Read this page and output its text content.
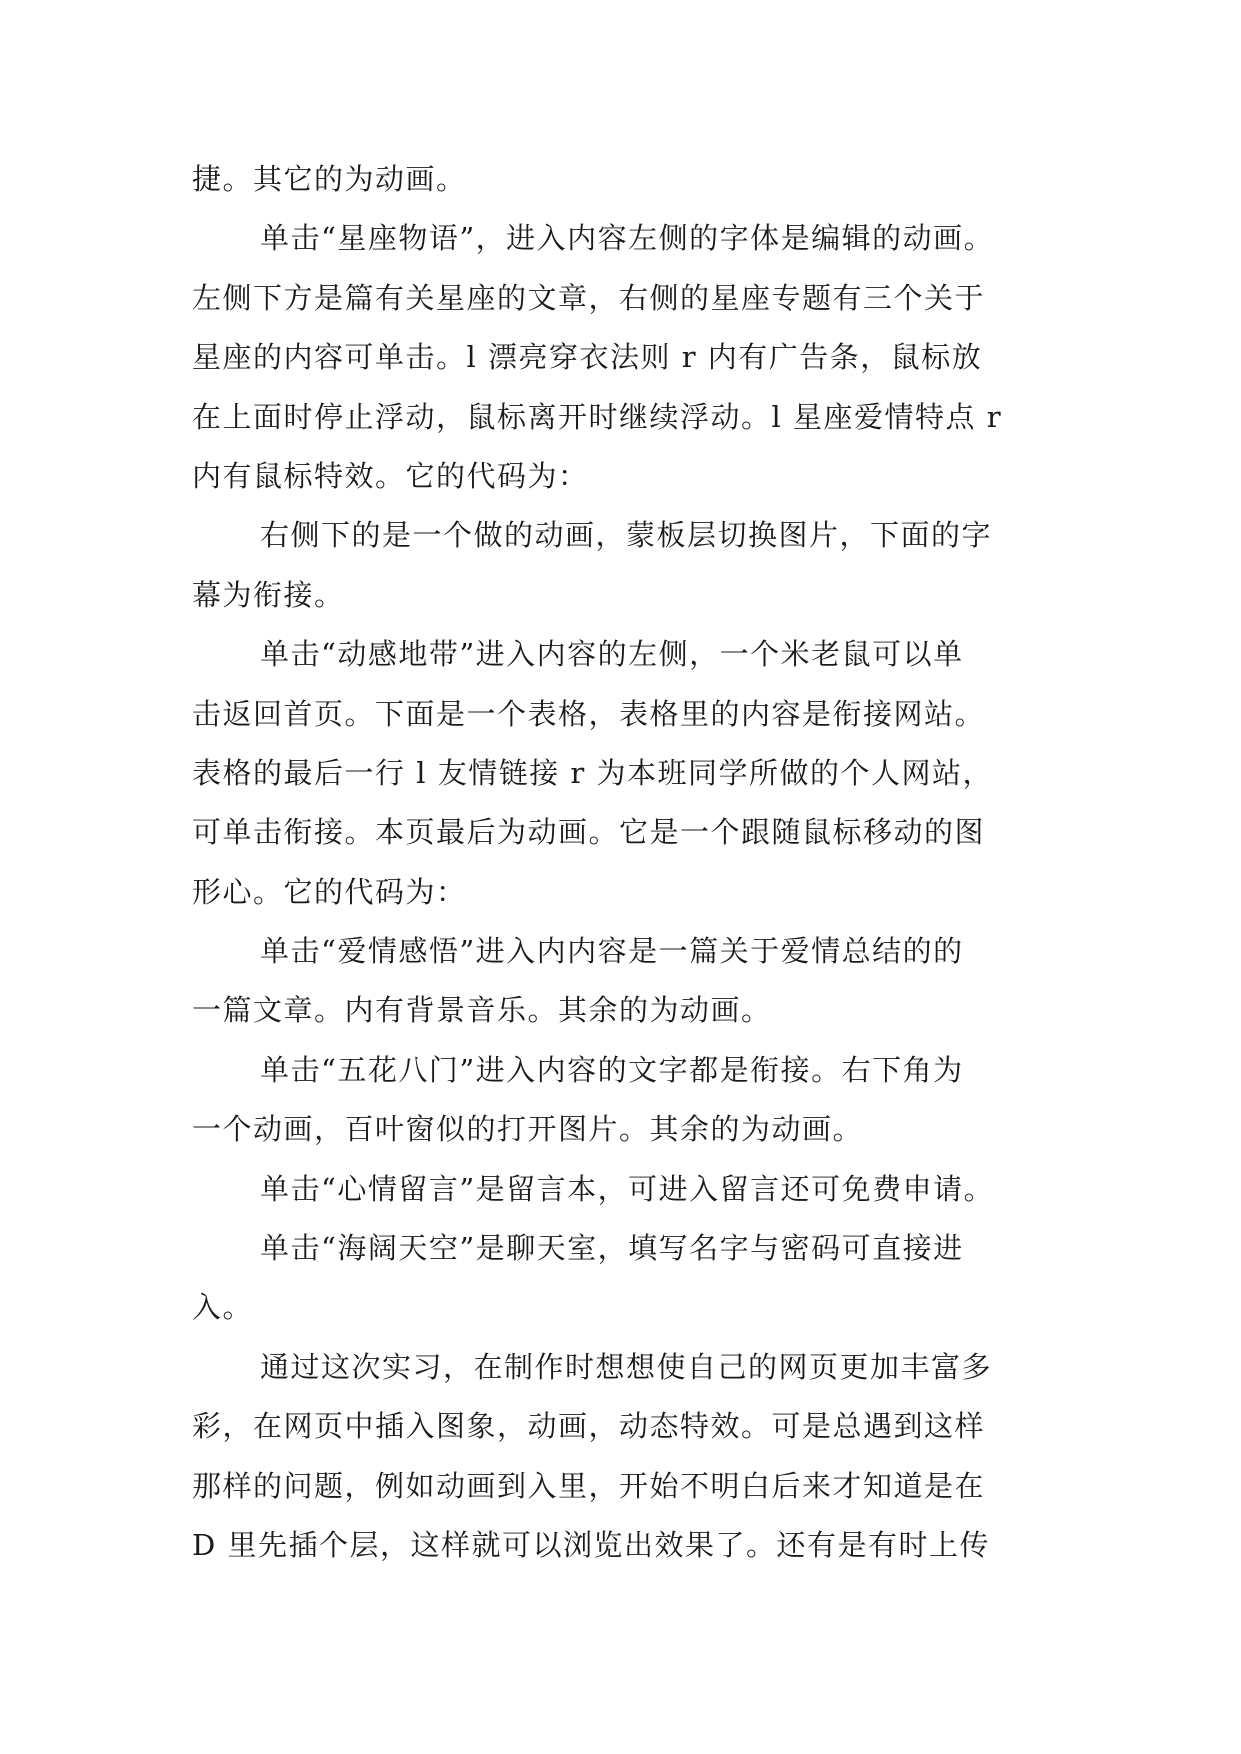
捷。其它的为动画。
单击“星座物语”，进入内容左侧的字体是编辑的动画。
左侧下方是篇有关星座的文章，右侧的星座专题有三个关于
星座的内容可单击。l 漂亮穿衣法则 r 内有广告条，鼠标放
在上面时停止浮动，鼠标离开时继续浮动。l 星座爱情特点 r
内有鼠标特效。它的代码为：
右侧下的是一个做的动画，蒙板层切换图片，下面的字
幕为衔接。
单击“动感地带”进入内容的左侧，一个米老鼠可以单
击返回首页。下面是一个表格，表格里的内容是衔接网站。
表格的最后一行 l 友情链接 r 为本班同学所做的个人网站，
可单击衔接。本页最后为动画。它是一个跟随鼠标移动的图
形心。它的代码为：
单击“爱情感悟”进入内内容是一篇关于爱情总结的的
一篇文章。内有背景音乐。其余的为动画。
单击“五花八门”进入内容的文字都是衔接。右下角为
一个动画，百叶窗似的打开图片。其余的为动画。
单击“心情留言”是留言本，可进入留言还可免费申请。
单击“海阔天空”是聊天室，填写名字与密码可直接进
入。
通过这次实习，在制作时想想使自己的网页更加丰富多
彩，在网页中插入图象，动画，动态特效。可是总遇到这样
那样的问题，例如动画到入里，开始不明白后来才知道是在
D 里先插个层，这样就可以浏览出效果了。还有是有时上传
